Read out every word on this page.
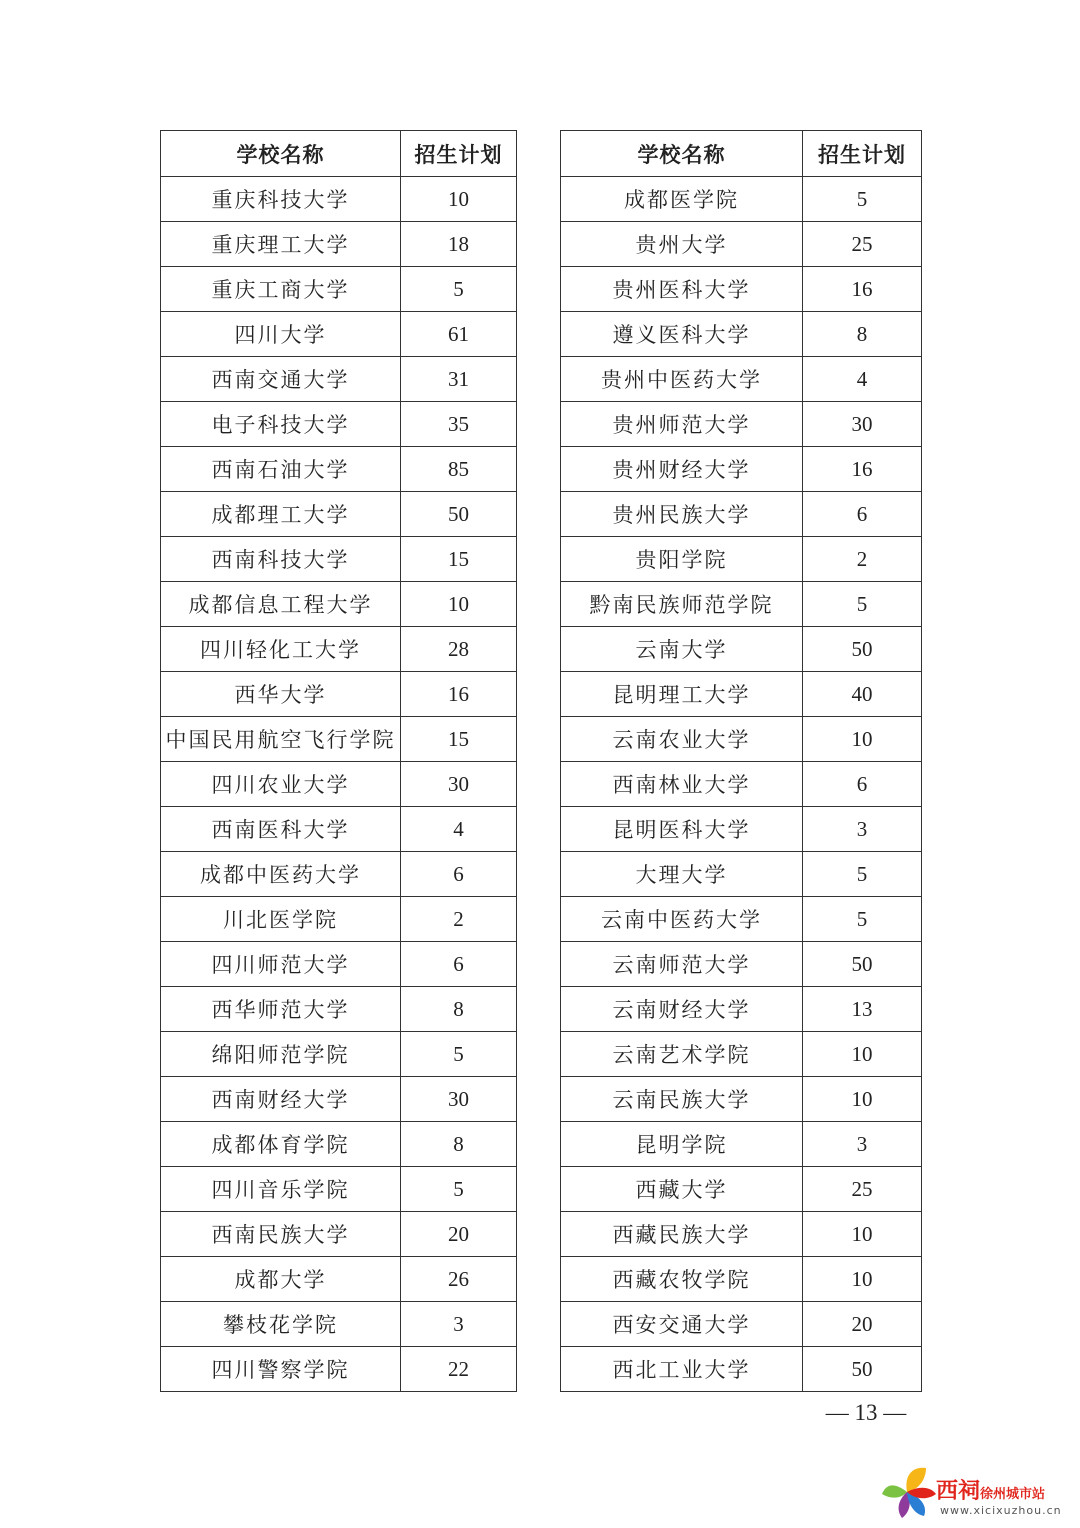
学校名称	招生计划
重庆科技大学	10
重庆理工大学	18
重庆工商大学	5
四川大学	61
西南交通大学	31
电子科技大学	35
西南石油大学	85
成都理工大学	50
西南科技大学	15
成都信息工程大学	10
四川轻化工大学	28
西华大学	16
中国民用航空飞行学院	15
四川农业大学	30
西南医科大学	4
成都中医药大学	6
川北医学院	2
四川师范大学	6
西华师范大学	8
绵阳师范学院	5
西南财经大学	30
成都体育学院	8
四川音乐学院	5
西南民族大学	20
成都大学	26
攀枝花学院	3
四川警察学院	22
学校名称	招生计划
成都医学院	5
贵州大学	25
贵州医科大学	16
遵义医科大学	8
贵州中医药大学	4
贵州师范大学	30
贵州财经大学	16
贵州民族大学	6
贵阳学院	2
黔南民族师范学院	5
云南大学	50
昆明理工大学	40
云南农业大学	10
西南林业大学	6
昆明医科大学	3
大理大学	5
云南中医药大学	5
云南师范大学	50
云南财经大学	13
云南艺术学院	10
云南民族大学	10
昆明学院	3
西藏大学	25
西藏民族大学	10
西藏农牧学院	10
西安交通大学	20
西北工业大学	50
— 13 —
西祠徐州城市站
www.xicixuzhou.cn
